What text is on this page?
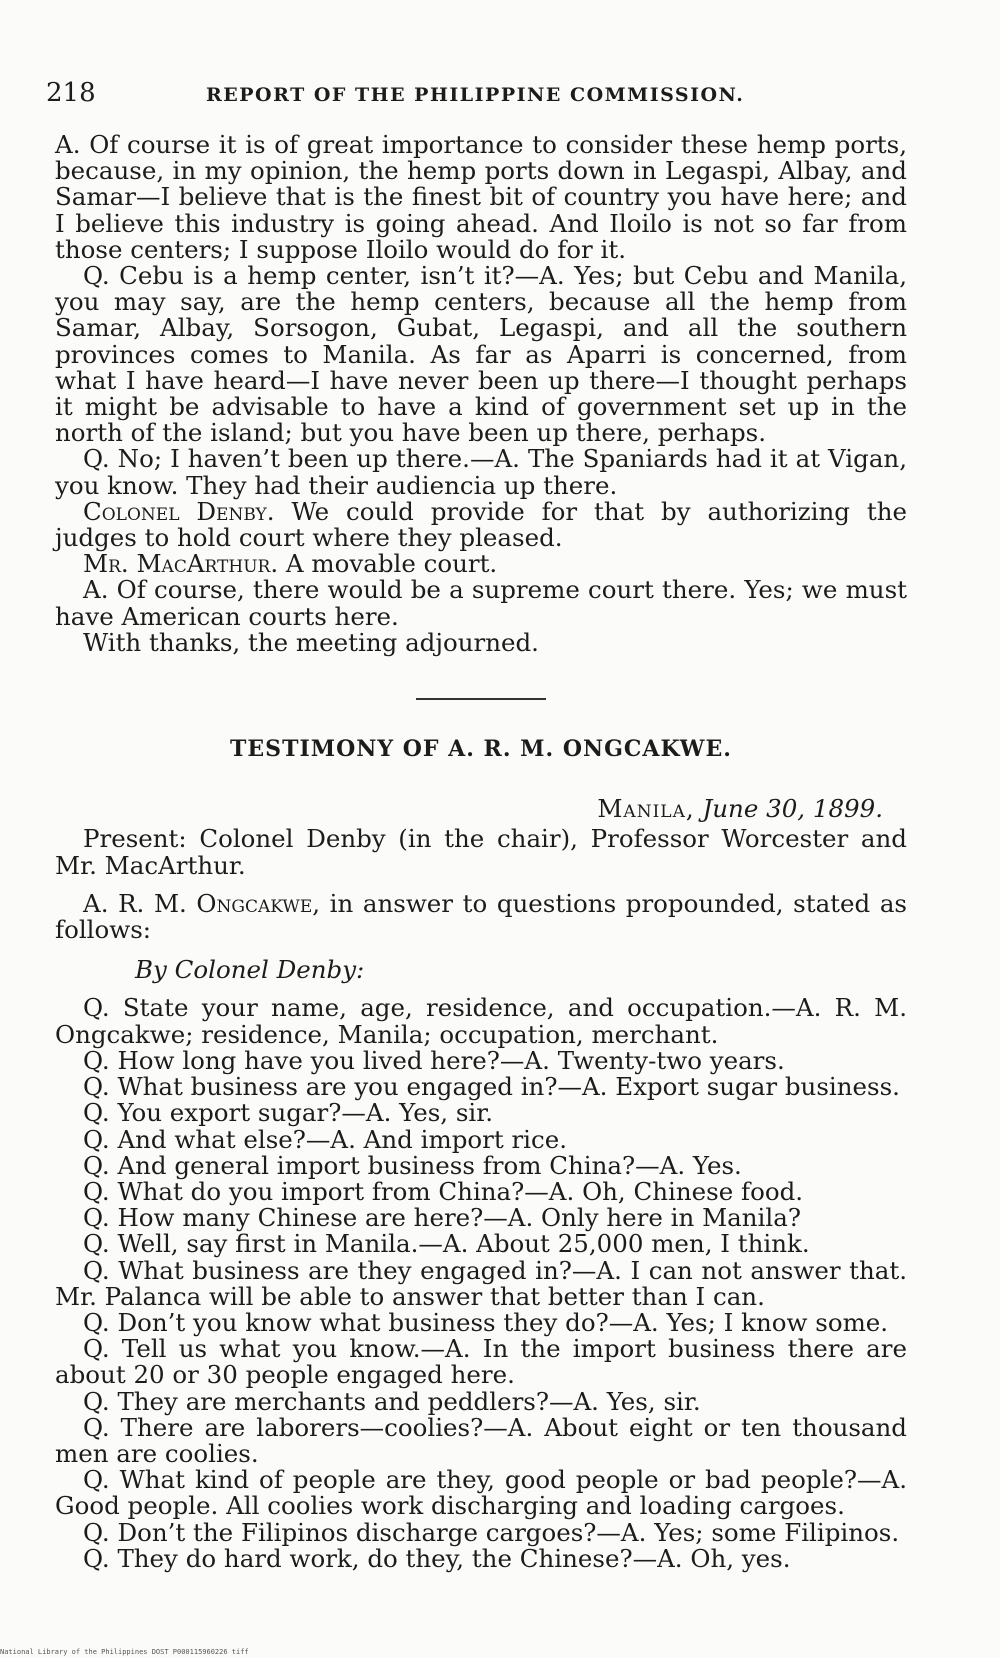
218	REPORT OF THE PHILIPPINE COMMISSION.

A. Of course it is of great importance to consider these hemp ports, because, in my opinion, the hemp ports down in Legaspi, Albay, and Samar—I believe that is the finest bit of country you have here; and I believe this industry is going ahead. And Iloilo is not so far from those centers; I suppose Iloilo would do for it.

Q. Cebu is a hemp center, isn’t it?—A. Yes; but Cebu and Manila, you may say, are the hemp centers, because all the hemp from Samar, Albay, Sorsogon, Gubat, Legaspi, and all the southern provinces comes to Manila. As far as Aparri is concerned, from what I have heard—I have never been up there—I thought perhaps it might be advisable to have a kind of government set up in the north of the island; but you have been up there, perhaps.

Q. No; I haven’t been up there.—A. The Spaniards had it at Vigan, you know. They had their audiencia up there.

Colonel Denby. We could provide for that by authorizing the judges to hold court where they pleased.

Mr. MacArthur. A movable court.

A. Of course, there would be a supreme court there. Yes; we must have American courts here.

With thanks, the meeting adjourned.

TESTIMONY OF A. R. M. ONGCAKWE.

Manila, June 30, 1899.

Present: Colonel Denby (in the chair), Professor Worcester and Mr. MacArthur.

A. R. M. Ongcakwe, in answer to questions propounded, stated as follows:

By Colonel Denby:

Q. State your name, age, residence, and occupation.—A. R. M. Ongcakwe; residence, Manila; occupation, merchant.

Q. How long have you lived here?—A. Twenty-two years.

Q. What business are you engaged in?—A. Export sugar business.

Q. You export sugar?—A. Yes, sir.

Q. And what else?—A. And import rice.

Q. And general import business from China?—A. Yes.

Q. What do you import from China?—A. Oh, Chinese food.

Q. How many Chinese are here?—A. Only here in Manila?

Q. Well, say first in Manila.—A. About 25,000 men, I think.

Q. What business are they engaged in?—A. I can not answer that. Mr. Palanca will be able to answer that better than I can.

Q. Don’t you know what business they do?—A. Yes; I know some.

Q. Tell us what you know.—A. In the import business there are about 20 or 30 people engaged here.

Q. They are merchants and peddlers?—A. Yes, sir.

Q. There are laborers—coolies?—A. About eight or ten thousand men are coolies.

Q. What kind of people are they, good people or bad people?—A. Good people. All coolies work discharging and loading cargoes.

Q. Don’t the Filipinos discharge cargoes?—A. Yes; some Filipinos.

Q. They do hard work, do they, the Chinese?—A. Oh, yes.

National Library of the Philippines DOST P000115960226 tiff
